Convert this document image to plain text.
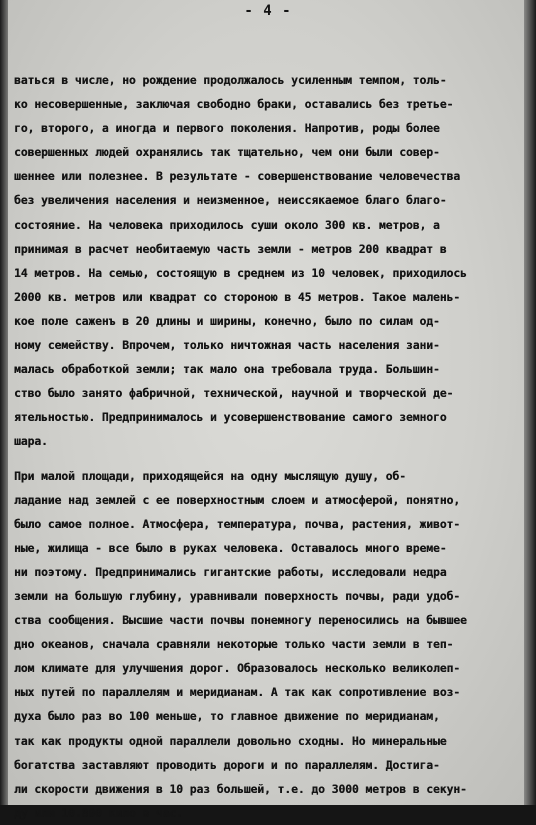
- 4 -
ваться в числе, но рождение продолжалось усиленным темпом, толь-
ко несовершенные, заключая свободно браки, оставались без третье-
го, второго, а иногда и первого поколения. Напротив, роды более
совершенных людей охранялись так тщательно, чем они были совер-
шеннее или полезнее. В результате - совершенствование человечества
без увеличения населения и неизменное, неиссякаемое благо благо-
состояние. На человека приходилось суши около 300 кв. метров, а
принимая в расчет необитаемую часть земли - метров 200 квадрат в
14 метров. На семью, состоящую в среднем из 10 человек, приходилось
2000 кв. метров или квадрат со стороною в 45 метров. Такое малень-
кое поле саженъ в 20 длины и ширины, конечно, было по силам од-
ному семейству. Впрочем, только ничтожная часть населения зани-
малась обработкой земли; так мало она требовала труда. Большин-
ство было занято фабричной, технической, научной и творческой де-
ятельностью. Предпринималось и усовершенствование самого земного
шара.
При малой площади, приходящейся на одну мыслящую душу, об-
ладание над землей с ее поверхностным слоем и атмосферой, понятно,
было самое полное. Атмосфера, температура, почва, растения, живот-
ные, жилища - все было в руках человека. Оставалось много време-
ни поэтому. Предпринимались гигантские работы, исследовали недра
земли на большую глубину, уравнивали поверхность почвы, ради удоб-
ства сообщения. Высшие части почвы понемногу переносились на бывшее
дно океанов, сначала сравняли некоторые только части земли в теп-
лом климате для улучшения дорог. Образовалось несколько великолеп-
ных путей по параллелям и меридианам. А так как сопротивление воз-
духа было раз во 100 меньше, то главное движение по меридианам,
так как продукты одной параллели довольно сходны. Но минеральные
богатства заставляют проводить дороги и по параллелям. Достига-
ли скорости движения в 10 раз большей, т.е. до 3000 метров в секун-
ду или 10.800 кило в час.
